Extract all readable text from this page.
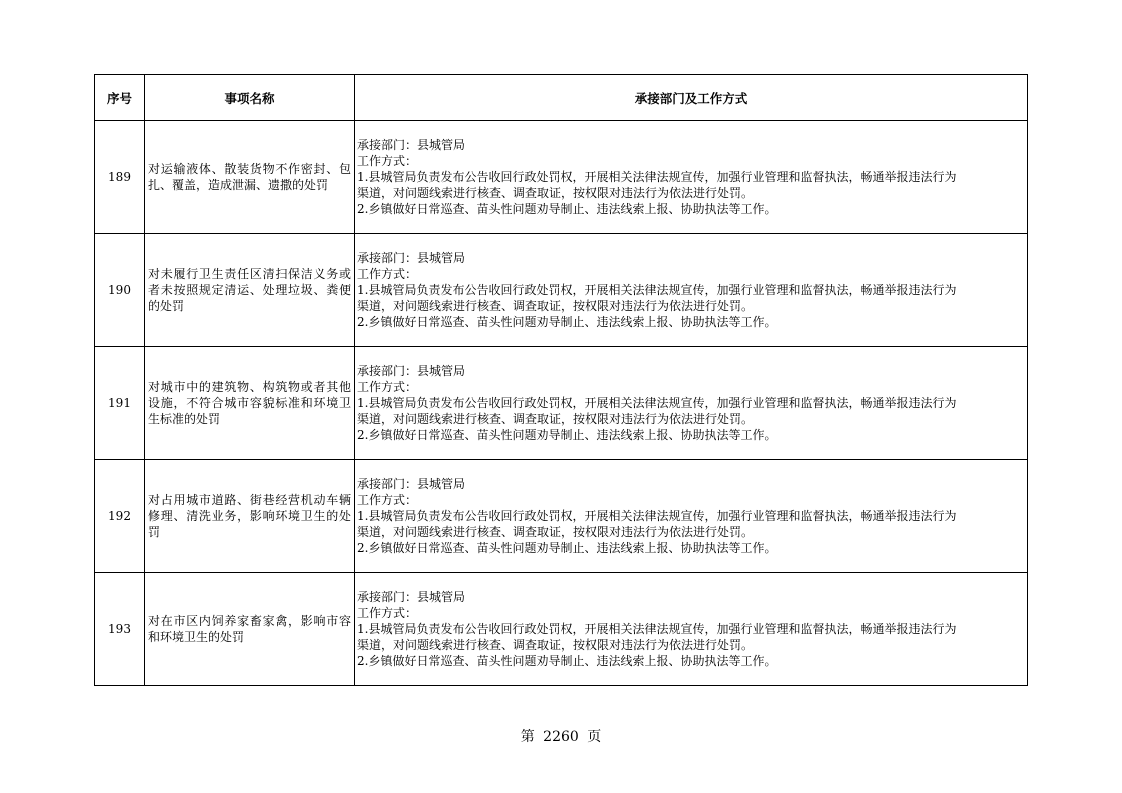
序号	事项名称	承接部门及工作方式
189	对运输液体、散装货物不作密封、包扎、覆盖，造成泄漏、遗撒的处罚	承接部门：县城管局
工作方式：
1.县城管局负责发布公告收回行政处罚权，开展相关法律法规宣传，加强行业管理和监督执法，畅通举报违法行为
渠道，对问题线索进行核查、调查取证，按权限对违法行为依法进行处罚。
2.乡镇做好日常巡查、苗头性问题劝导制止、违法线索上报、协助执法等工作。

190	对未履行卫生责任区清扫保洁义务或者未按照规定清运、处理垃圾、粪便的处罚	承接部门：县城管局
工作方式：
1.县城管局负责发布公告收回行政处罚权，开展相关法律法规宣传，加强行业管理和监督执法，畅通举报违法行为
渠道，对问题线索进行核查、调查取证，按权限对违法行为依法进行处罚。
2.乡镇做好日常巡查、苗头性问题劝导制止、违法线索上报、协助执法等工作。

191	对城市中的建筑物、构筑物或者其他设施，不符合城市容貌标准和环境卫生标准的处罚	承接部门：县城管局
工作方式：
1.县城管局负责发布公告收回行政处罚权，开展相关法律法规宣传，加强行业管理和监督执法，畅通举报违法行为
渠道，对问题线索进行核查、调查取证，按权限对违法行为依法进行处罚。
2.乡镇做好日常巡查、苗头性问题劝导制止、违法线索上报、协助执法等工作。

192	对占用城市道路、街巷经营机动车辆修理、清洗业务，影响环境卫生的处罚	承接部门：县城管局
工作方式：
1.县城管局负责发布公告收回行政处罚权，开展相关法律法规宣传，加强行业管理和监督执法，畅通举报违法行为
渠道，对问题线索进行核查、调查取证，按权限对违法行为依法进行处罚。
2.乡镇做好日常巡查、苗头性问题劝导制止、违法线索上报、协助执法等工作。

193	对在市区内饲养家畜家禽，影响市容和环境卫生的处罚	承接部门：县城管局
工作方式：
1.县城管局负责发布公告收回行政处罚权，开展相关法律法规宣传，加强行业管理和监督执法，畅通举报违法行为
渠道，对问题线索进行核查、调查取证，按权限对违法行为依法进行处罚。
2.乡镇做好日常巡查、苗头性问题劝导制止、违法线索上报、协助执法等工作。
第 2260 页
